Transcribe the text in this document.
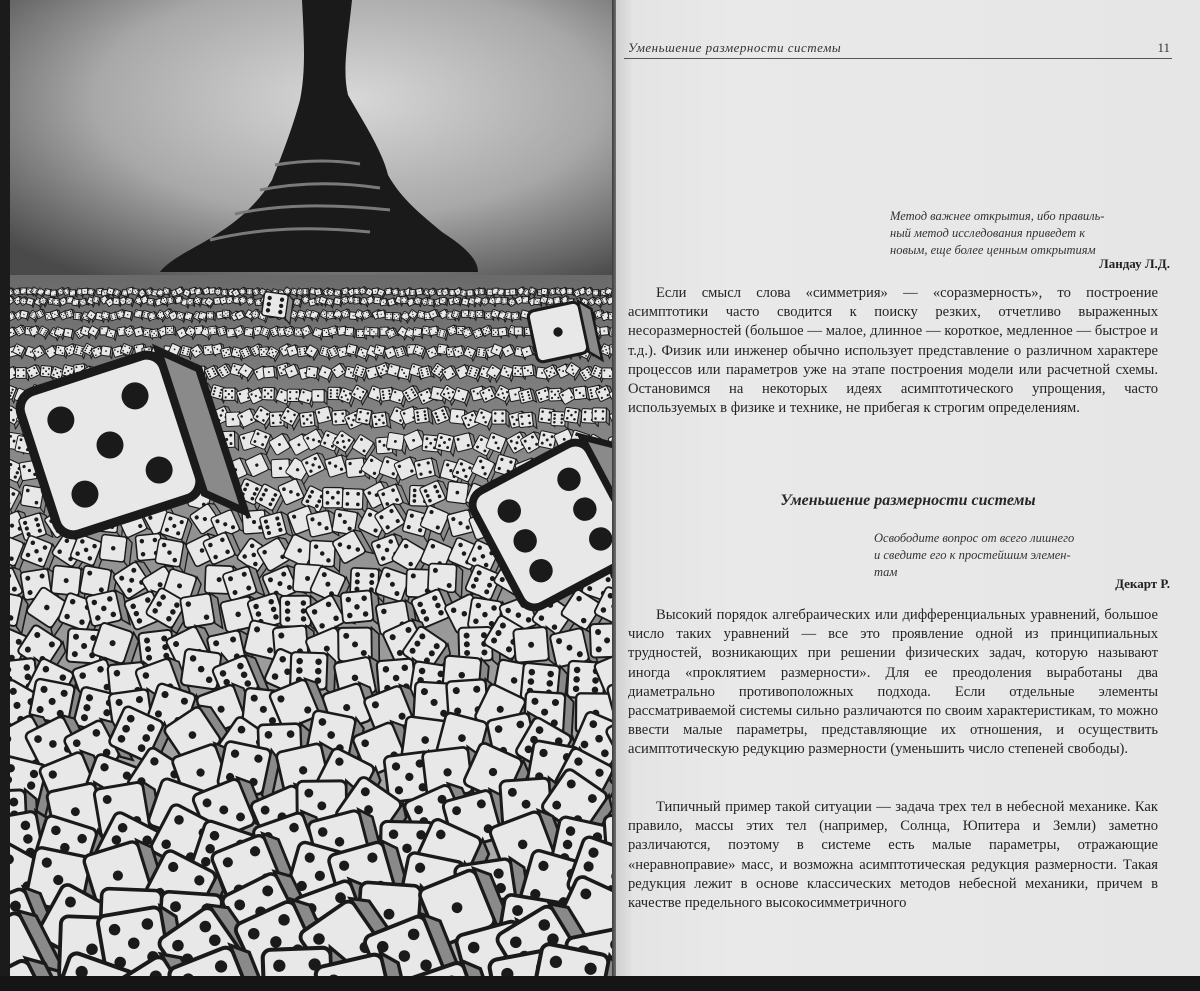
Уменьшение размерности системы	11
Метод важнее открытия, ибо правиль-
ный метод исследования приведет к
новым, еще более ценным открытиям
Ландау Л.Д.

Если смысл слова «симметрия» — «соразмерность», то построение асимптотики часто сводится к поиску резких, отчетливо выраженных несоразмерностей (большое — малое, длинное — короткое, медленное — быстрое и т.д.). Физик или инженер обычно использует представление о различном характере процессов или параметров уже на этапе построения модели или расчетной схемы. Остановимся на некоторых идеях асимптотического упрощения, часто используемых в физике и технике, не прибегая к строгим определениям.

Уменьшение размерности системы
Освободите вопрос от всего лишнего
и сведите его к простейшим элемен-
там
Декарт Р.

Высокий порядок алгебраических или дифференциальных уравнений, большое число таких уравнений — все это проявление одной из принципиальных трудностей, возникающих при решении физических задач, которую называют иногда «проклятием размерности». Для ее преодоления выработаны два диаметрально противоположных подхода. Если отдельные элементы рассматриваемой системы сильно различаются по своим характеристикам, то можно ввести малые параметры, представляющие их отношения, и осуществить асимптотическую редукцию размерности (уменьшить число степеней свободы).

Типичный пример такой ситуации — задача трех тел в небесной механике. Как правило, массы этих тел (например, Солнца, Юпитера и Земли) заметно различаются, поэтому в системе есть малые параметры, отражающие «неравноправие» масс, и возможна асимптотическая редукция размерности. Такая редукция лежит в основе классических методов небесной механики, причем в качестве предельного высокосимметричного
